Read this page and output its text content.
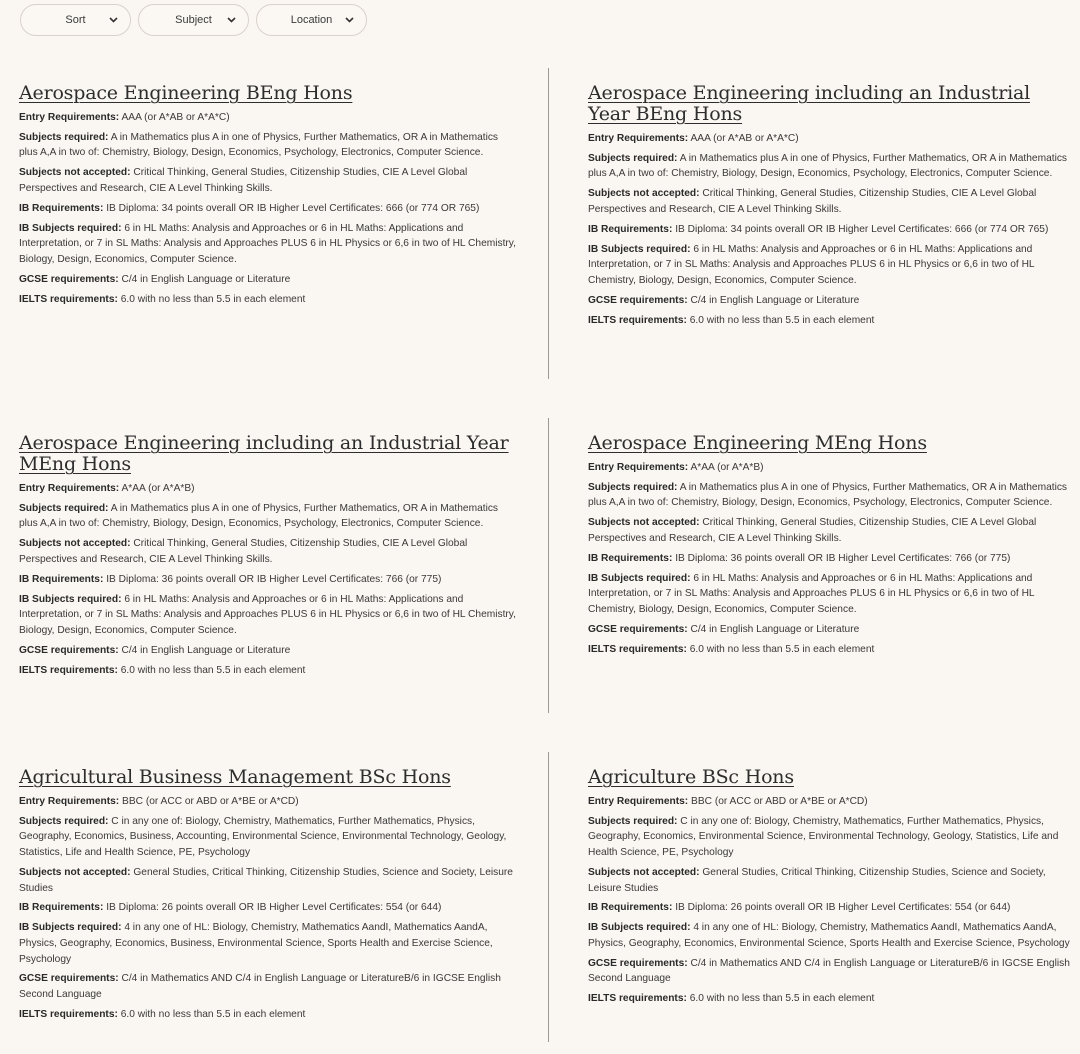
Sort	Subject	Location
Aerospace Engineering BEng Hons

Entry Requirements: AAA (or A*AB or A*A*C)

Subjects required: A in Mathematics plus A in one of Physics, Further Mathematics, OR A in Mathematics plus A,A in two of: Chemistry, Biology, Design, Economics, Psychology, Electronics, Computer Science.

Subjects not accepted: Critical Thinking, General Studies, Citizenship Studies, CIE A Level Global Perspectives and Research, CIE A Level Thinking Skills.

IB Requirements: IB Diploma: 34 points overall OR IB Higher Level Certificates: 666 (or 774 OR 765)

IB Subjects required: 6 in HL Maths: Analysis and Approaches or 6 in HL Maths: Applications and Interpretation, or 7 in SL Maths: Analysis and Approaches PLUS 6 in HL Physics or 6,6 in two of HL Chemistry, Biology, Design, Economics, Computer Science.

GCSE requirements: C/4 in English Language or Literature

IELTS requirements: 6.0 with no less than 5.5 in each element

Aerospace Engineering including an Industrial Year BEng Hons

Entry Requirements: AAA (or A*AB or A*A*C)

Subjects required: A in Mathematics plus A in one of Physics, Further Mathematics, OR A in Mathematics plus A,A in two of: Chemistry, Biology, Design, Economics, Psychology, Electronics, Computer Science.

Subjects not accepted: Critical Thinking, General Studies, Citizenship Studies, CIE A Level Global Perspectives and Research, CIE A Level Thinking Skills.

IB Requirements: IB Diploma: 34 points overall OR IB Higher Level Certificates: 666 (or 774 OR 765)

IB Subjects required: 6 in HL Maths: Analysis and Approaches or 6 in HL Maths: Applications and Interpretation, or 7 in SL Maths: Analysis and Approaches PLUS 6 in HL Physics or 6,6 in two of HL Chemistry, Biology, Design, Economics, Computer Science.

GCSE requirements: C/4 in English Language or Literature

IELTS requirements: 6.0 with no less than 5.5 in each element

Aerospace Engineering including an Industrial Year MEng Hons

Entry Requirements: A*AA (or A*A*B)

Subjects required: A in Mathematics plus A in one of Physics, Further Mathematics, OR A in Mathematics plus A,A in two of: Chemistry, Biology, Design, Economics, Psychology, Electronics, Computer Science.

Subjects not accepted: Critical Thinking, General Studies, Citizenship Studies, CIE A Level Global Perspectives and Research, CIE A Level Thinking Skills.

IB Requirements: IB Diploma: 36 points overall OR IB Higher Level Certificates: 766 (or 775)

IB Subjects required: 6 in HL Maths: Analysis and Approaches or 6 in HL Maths: Applications and Interpretation, or 7 in SL Maths: Analysis and Approaches PLUS 6 in HL Physics or 6,6 in two of HL Chemistry, Biology, Design, Economics, Computer Science.

GCSE requirements: C/4 in English Language or Literature

IELTS requirements: 6.0 with no less than 5.5 in each element

Aerospace Engineering MEng Hons

Entry Requirements: A*AA (or A*A*B)

Subjects required: A in Mathematics plus A in one of Physics, Further Mathematics, OR A in Mathematics plus A,A in two of: Chemistry, Biology, Design, Economics, Psychology, Electronics, Computer Science.

Subjects not accepted: Critical Thinking, General Studies, Citizenship Studies, CIE A Level Global Perspectives and Research, CIE A Level Thinking Skills.

IB Requirements: IB Diploma: 36 points overall OR IB Higher Level Certificates: 766 (or 775)

IB Subjects required: 6 in HL Maths: Analysis and Approaches or 6 in HL Maths: Applications and Interpretation, or 7 in SL Maths: Analysis and Approaches PLUS 6 in HL Physics or 6,6 in two of HL Chemistry, Biology, Design, Economics, Computer Science.

GCSE requirements: C/4 in English Language or Literature

IELTS requirements: 6.0 with no less than 5.5 in each element

Agricultural Business Management BSc Hons

Entry Requirements: BBC (or ACC or ABD or A*BE or A*CD)

Subjects required: C in any one of: Biology, Chemistry, Mathematics, Further Mathematics, Physics, Geography, Economics, Business, Accounting, Environmental Science, Environmental Technology, Geology, Statistics, Life and Health Science, PE, Psychology

Subjects not accepted: General Studies, Critical Thinking, Citizenship Studies, Science and Society, Leisure Studies

IB Requirements: IB Diploma: 26 points overall OR IB Higher Level Certificates: 554 (or 644)

IB Subjects required: 4 in any one of HL: Biology, Chemistry, Mathematics AandI, Mathematics AandA, Physics, Geography, Economics, Business, Environmental Science, Sports Health and Exercise Science, Psychology

GCSE requirements: C/4 in Mathematics AND C/4 in English Language or LiteratureB/6 in IGCSE English Second Language

IELTS requirements: 6.0 with no less than 5.5 in each element

Agriculture BSc Hons

Entry Requirements: BBC (or ACC or ABD or A*BE or A*CD)

Subjects required: C in any one of: Biology, Chemistry, Mathematics, Further Mathematics, Physics, Geography, Economics, Environmental Science, Environmental Technology, Geology, Statistics, Life and Health Science, PE, Psychology

Subjects not accepted: General Studies, Critical Thinking, Citizenship Studies, Science and Society, Leisure Studies

IB Requirements: IB Diploma: 26 points overall OR IB Higher Level Certificates: 554 (or 644)

IB Subjects required: 4 in any one of HL: Biology, Chemistry, Mathematics AandI, Mathematics AandA, Physics, Geography, Economics, Environmental Science, Sports Health and Exercise Science, Psychology

GCSE requirements: C/4 in Mathematics AND C/4 in English Language or LiteratureB/6 in IGCSE English Second Language

IELTS requirements: 6.0 with no less than 5.5 in each element
